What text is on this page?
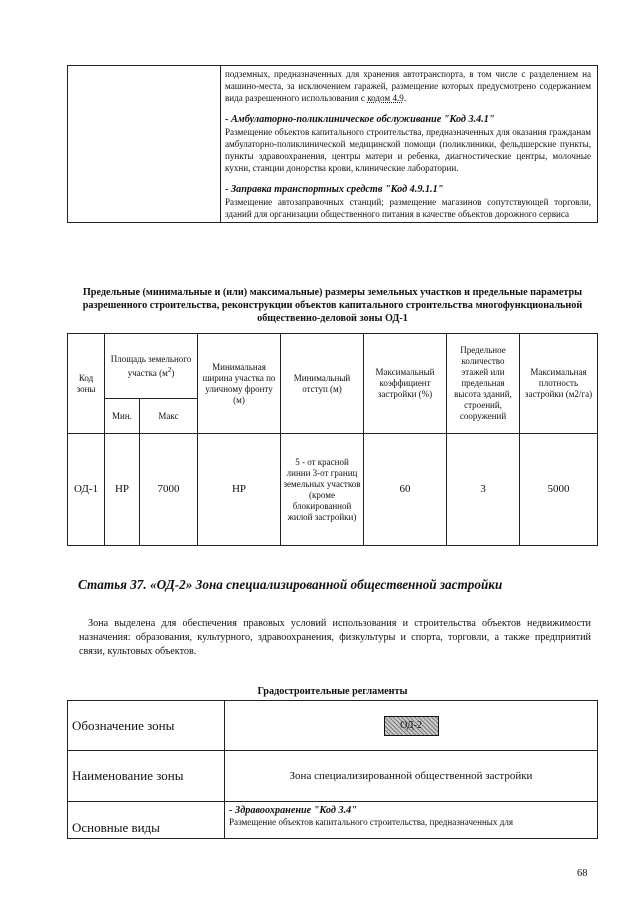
подземных, предназначенных для хранения автотранспорта, в том числе с разделением на машино-места, за исключением гаражей, размещение которых предусмотрено содержанием вида разрешенного использования с кодом 4.9.
- Амбулаторно-поликлиническое обслуживание "Код 3.4.1"
Размещение объектов капитального строительства, предназначенных для оказания гражданам амбулаторно-поликлинической медицинской помощи (поликлиники, фельдшерские пункты, пункты здравоохранения, центры матери и ребенка, диагностические центры, молочные кухни, станции донорства крови, клинические лаборатории.
- Заправка транспортных средств "Код 4.9.1.1"
Размещение автозаправочных станций; размещение магазинов сопутствующей торговли, зданий для организации общественного питания в качестве объектов дорожного сервиса
Предельные (минимальные и (или) максимальные) размеры земельных участков и предельные параметры разрешенного строительства, реконструкции объектов капитального строительства многофункциональной общественно-деловой зоны ОД-1
Код зоны	Площадь земельного участка $(м^2)$		Минимальная ширина участка по уличному фронту (м)	Минимальный отступ (м)	Максимальный коэффициент застройки (%)	Предельное количество этажей или предельная высота зданий, строений, сооружений	Максимальная плотность застройки (м2/га)
	Мин.	Макс					
ОД-1	НР	7000	НР	5 - от красной линии 3-от границ земельных участков (кроме блокированной жилой застройки)	60	3	5000
Статья 37. «ОД-2» Зона специализированной общественной застройки
Зона выделена для обеспечения правовых условий использования и строительства объектов недвижимости назначения: образования, культурного, здравоохранения, физкультуры и спорта, торговли, а также предприятий связи, культовых объектов.
Градостроительные регламенты
Обозначение зоны	ОД-2
Наименование зоны	Зона специализированной общественной застройки
Основные виды	- Здравоохранение "Код 3.4"
Размещение объектов капитального строительства, предназначенных для
68
